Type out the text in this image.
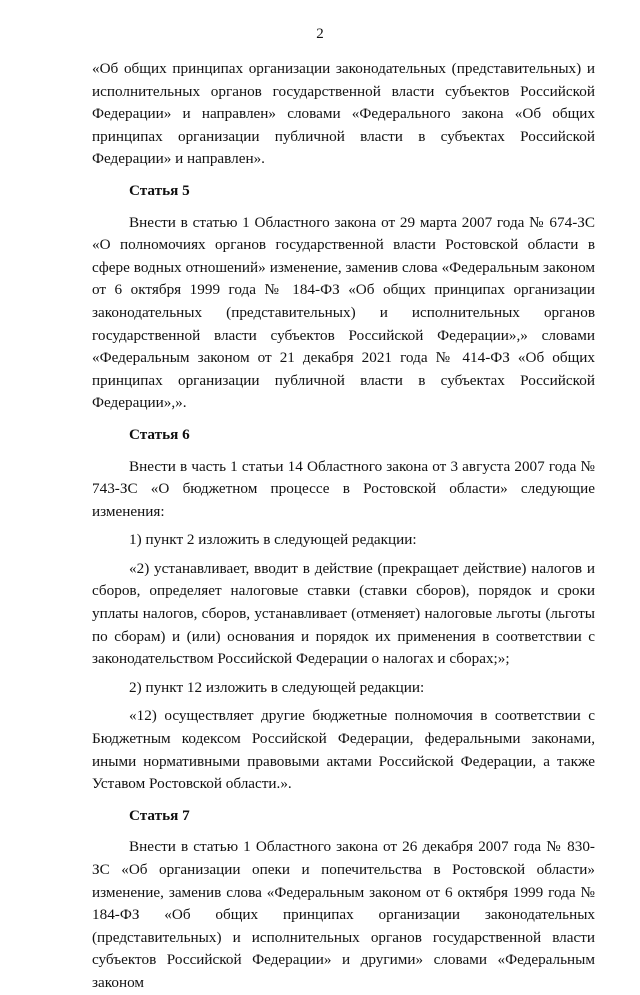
2

«Об общих принципах организации законодательных (представительных) и исполнительных органов государственной власти субъектов Российской Федерации» и направлен» словами «Федерального закона «Об общих принципах организации публичной власти в субъектах Российской Федерации» и направлен».

Статья 5

Внести в статью 1 Областного закона от 29 марта 2007 года № 674-ЗС «О полномочиях органов государственной власти Ростовской области в сфере водных отношений» изменение, заменив слова «Федеральным законом от 6 октября 1999 года № 184-ФЗ «Об общих принципах организации законодательных (представительных) и исполнительных органов государственной власти субъектов Российской Федерации»,» словами «Федеральным законом от 21 декабря 2021 года № 414-ФЗ «Об общих принципах организации публичной власти в субъектах Российской Федерации»,».

Статья 6

Внести в часть 1 статьи 14 Областного закона от 3 августа 2007 года № 743-ЗС «О бюджетном процессе в Ростовской области» следующие изменения:

1) пункт 2 изложить в следующей редакции:

«2) устанавливает, вводит в действие (прекращает действие) налогов и сборов, определяет налоговые ставки (ставки сборов), порядок и сроки уплаты налогов, сборов, устанавливает (отменяет) налоговые льготы (льготы по сборам) и (или) основания и порядок их применения в соответствии с законодательством Российской Федерации о налогах и сборах;»;

2) пункт 12 изложить в следующей редакции:

«12) осуществляет другие бюджетные полномочия в соответствии с Бюджетным кодексом Российской Федерации, федеральными законами, иными нормативными правовыми актами Российской Федерации, а также Уставом Ростовской области.».

Статья 7

Внести в статью 1 Областного закона от 26 декабря 2007 года № 830-ЗС «Об организации опеки и попечительства в Ростовской области» изменение, заменив слова «Федеральным законом от 6 октября 1999 года № 184-ФЗ «Об общих принципах организации законодательных (представительных) и исполнительных органов государственной власти субъектов Российской Федерации» и другими» словами «Федеральным законом
